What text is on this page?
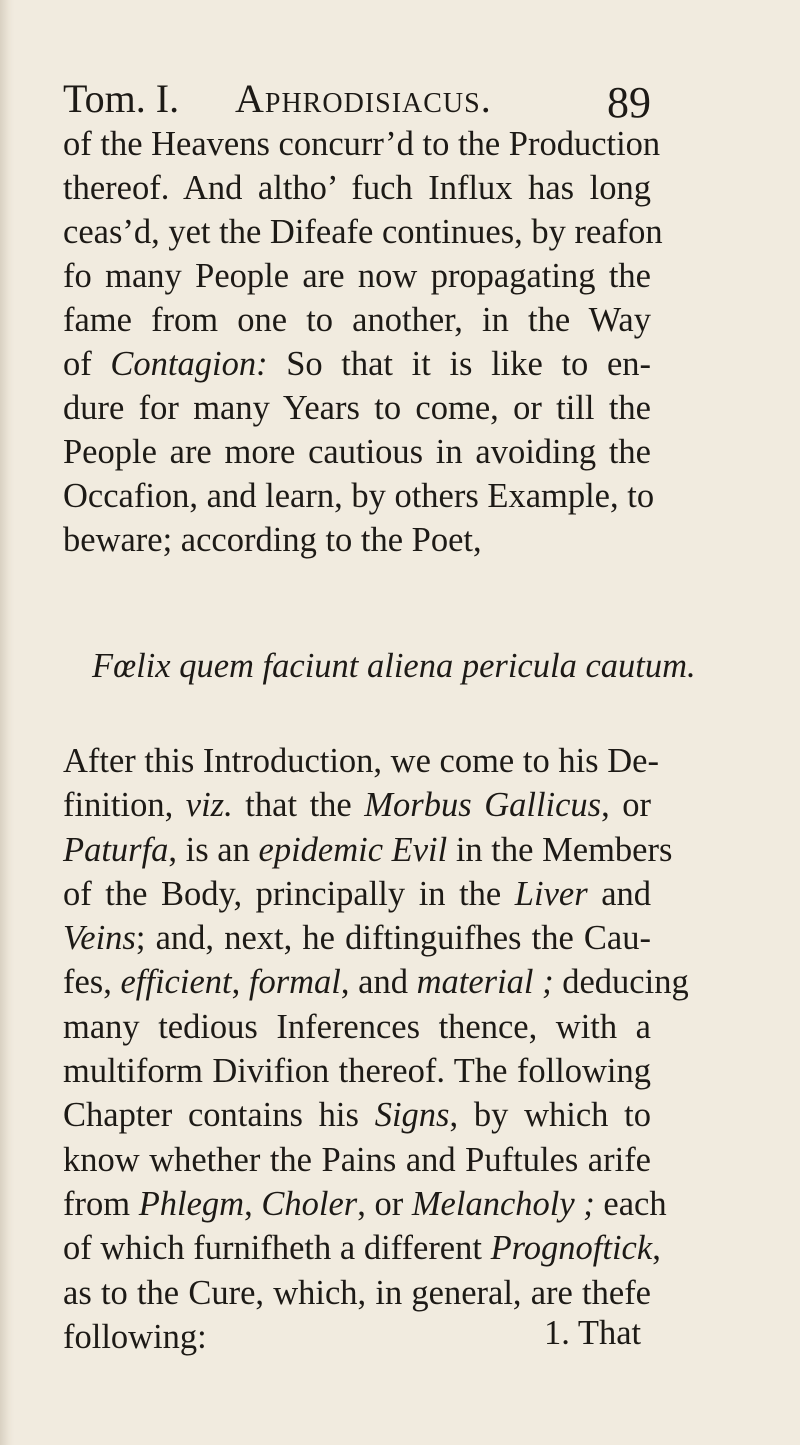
Tom. I. Aphrodisiacus.	89
of the Heavens concurr’d to the Production
thereof. And altho’ fuch Influx has long
ceas’d, yet the Difeafe continues, by reafon
fo many People are now propagating the
fame from one to another, in the Way
of Contagion: So that it is like to en-
dure for many Years to come, or till the
People are more cautious in avoiding the
Occafion, and learn, by others Example, to
beware; according to the Poet,
Fœlix quem faciunt aliena pericula cautum.
After this Introduction, we come to his De-
finition, viz. that the Morbus Gallicus, or
Paturfa, is an epidemic Evil in the Members
of the Body, principally in the Liver and
Veins; and, next, he diftinguifhes the Cau-
fes, efficient, formal, and material ; deducing
many tedious Inferences thence, with a
multiform Divifion thereof. The following
Chapter contains his Signs, by which to
know whether the Pains and Puftules arife
from Phlegm, Choler, or Melancholy ; each
of which furnifheth a different Prognoftick,
as to the Cure, which, in general, are thefe
following:	1. That
